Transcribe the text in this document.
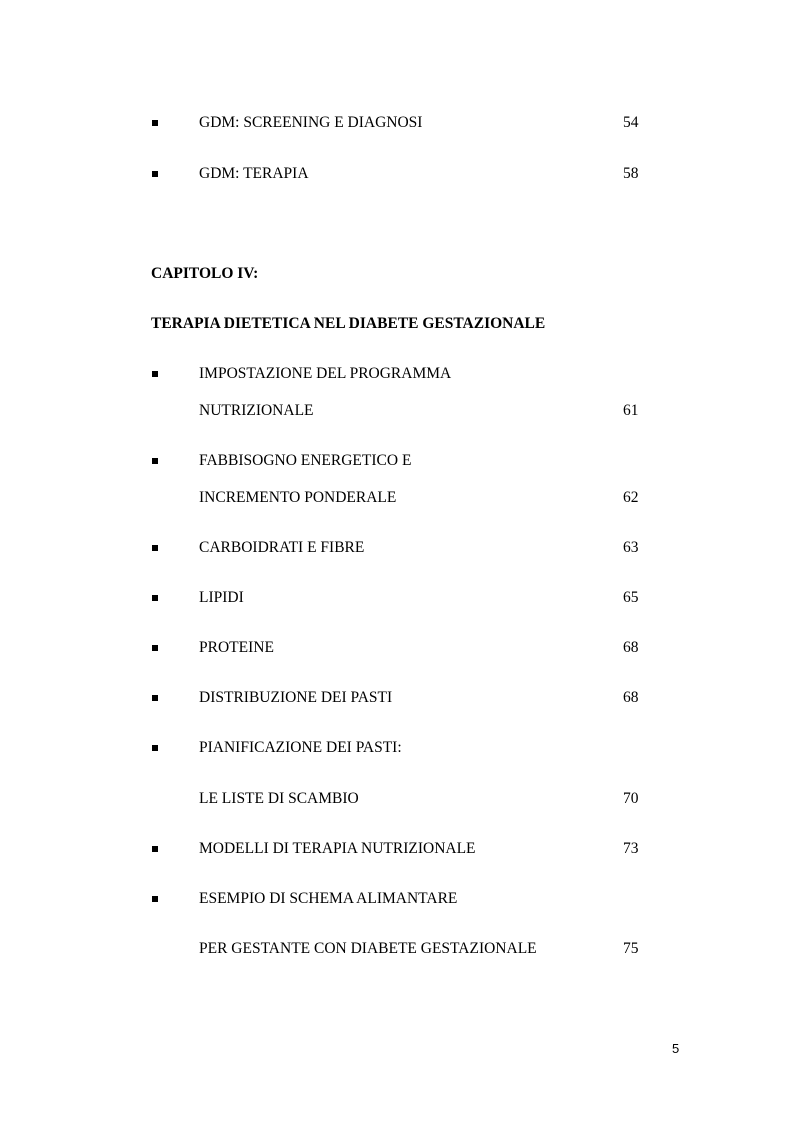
GDM: SCREENING E DIAGNOSI	54
GDM: TERAPIA	58
CAPITOLO IV:
TERAPIA DIETETICA NEL DIABETE GESTAZIONALE
IMPOSTAZIONE DEL PROGRAMMA
NUTRIZIONALE	61
FABBISOGNO ENERGETICO E
INCREMENTO PONDERALE	62
CARBOIDRATI E FIBRE	63
LIPIDI	65
PROTEINE	68
DISTRIBUZIONE DEI PASTI	68
PIANIFICAZIONE DEI PASTI:
LE LISTE DI SCAMBIO	70
MODELLI DI TERAPIA NUTRIZIONALE	73
ESEMPIO DI SCHEMA ALIMANTARE
PER GESTANTE CON DIABETE GESTAZIONALE	75
5
